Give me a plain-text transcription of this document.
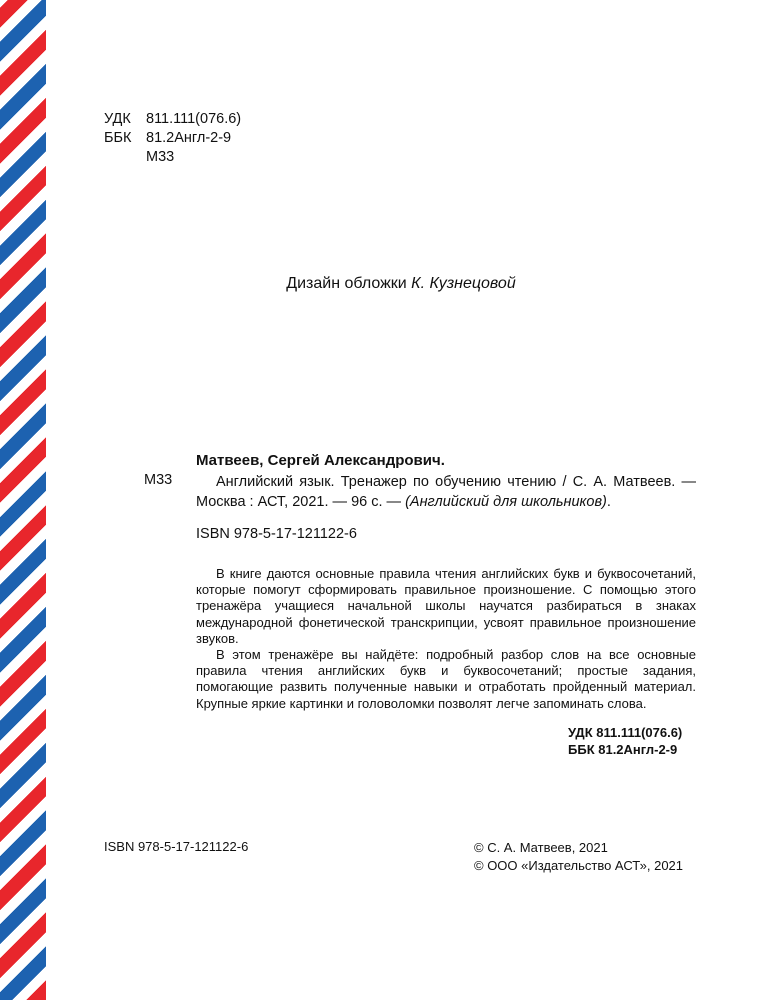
УДК	811.111(076.6)
ББК	81.2Англ-2-9
М33
Дизайн обложки К. Кузнецовой
Матвеев, Сергей Александрович.
М33	Английский язык. Тренажер по обучению чтению / С. А. Матвеев. —
Москва : АСТ, 2021. — 96 с. — (Английский для школьников).
ISBN 978-5-17-121122-6

В книге даются основные правила чтения английских букв и буквосочетаний, которые помогут сформировать правильное произношение. С помощью этого тренажёра учащиеся начальной школы научатся разбираться в знаках международной фонетической транскрипции, усвоят правильное произношение звуков.

В этом тренажёре вы найдёте: подробный разбор слов на все основные правила чтения английских букв и буквосочетаний; простые задания, помогающие развить полученные навыки и отработать пройденный материал. Крупные яркие картинки и головоломки позволят легче запоминать слова.

УДК 811.111(076.6)
ББК 81.2Англ-2-9
ISBN 978-5-17-121122-6	© С. А. Матвеев, 2021
© ООО «Издательство АСТ», 2021
